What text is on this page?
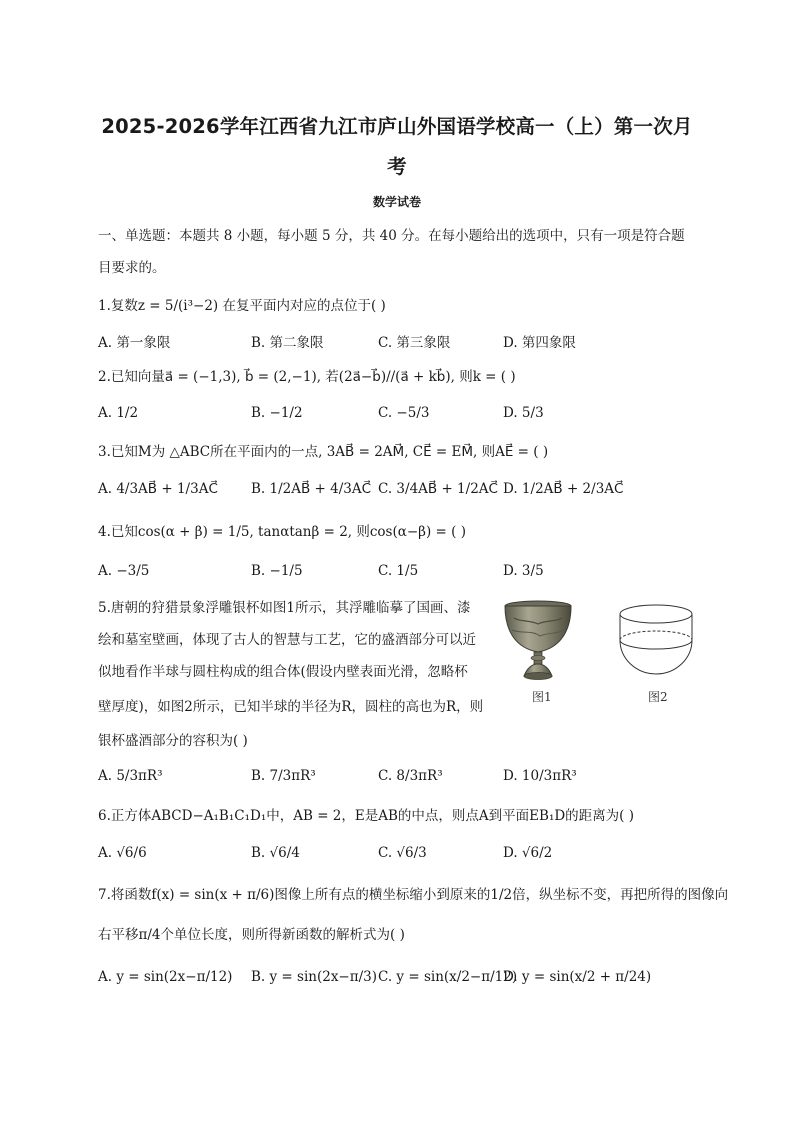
2025-2026学年江西省九江市庐山外国语学校高一（上）第一次月
考
数学试卷
一、单选题：本题共 8 小题，每小题 5 分，共 40 分。在每小题给出的选项中，只有一项是符合题
目要求的。
1.复数z = 5/(i³−2) 在复平面内对应的点位于( )
A. 第一象限	B. 第二象限	C. 第三象限	D. 第四象限
2.已知向量a⃗ = (−1,3), b⃗ = (2,−1), 若(2a⃗−b⃗)//(a⃗ + kb⃗), 则k = ( )
A. 1/2	B. −1/2	C. −5/3	D. 5/3
3.已知M为 △ABC所在平面内的一点, 3AB⃗ = 2AM⃗, CE⃗ = EM⃗, 则AE⃗ = ( )
A. 4/3AB⃗ + 1/3AC⃗ B. 1/2AB⃗ + 4/3AC⃗ C. 3/4AB⃗ + 1/2AC⃗ D. 1/2AB⃗ + 2/3AC⃗
4.已知cos(α + β) = 1/5, tanαtanβ = 2, 则cos(α−β) = ( )
A. −3/5	B. −1/5	C. 1/5	D. 3/5
5.唐朝的狩猎景象浮雕银杯如图1所示，其浮雕临摹了国画、漆
绘和墓室壁画，体现了古人的智慧与工艺，它的盛酒部分可以近
似地看作半球与圆柱构成的组合体(假设内壁表面光滑，忽略杯
壁厚度)，如图2所示，已知半球的半径为R，圆柱的高也为R，则
银杯盛酒部分的容积为( )
图1	图2
A. 5/3πR³	B. 7/3πR³	C. 8/3πR³	D. 10/3πR³
6.正方体ABCD−A₁B₁C₁D₁中，AB = 2，E是AB的中点，则点A到平面EB₁D的距离为( )
A. √6/6	B. √6/4	C. √6/3	D. √6/2
7.将函数f(x) = sin(x + π/6)图像上所有点的横坐标缩小到原来的1/2倍，纵坐标不变，再把所得的图像向
右平移π/4个单位长度，则所得新函数的解析式为( )
A. y = sin(2x−π/12) B. y = sin(2x−π/3) C. y = sin(x/2−π/12)
D. y = sin(x/2 + π/24)
